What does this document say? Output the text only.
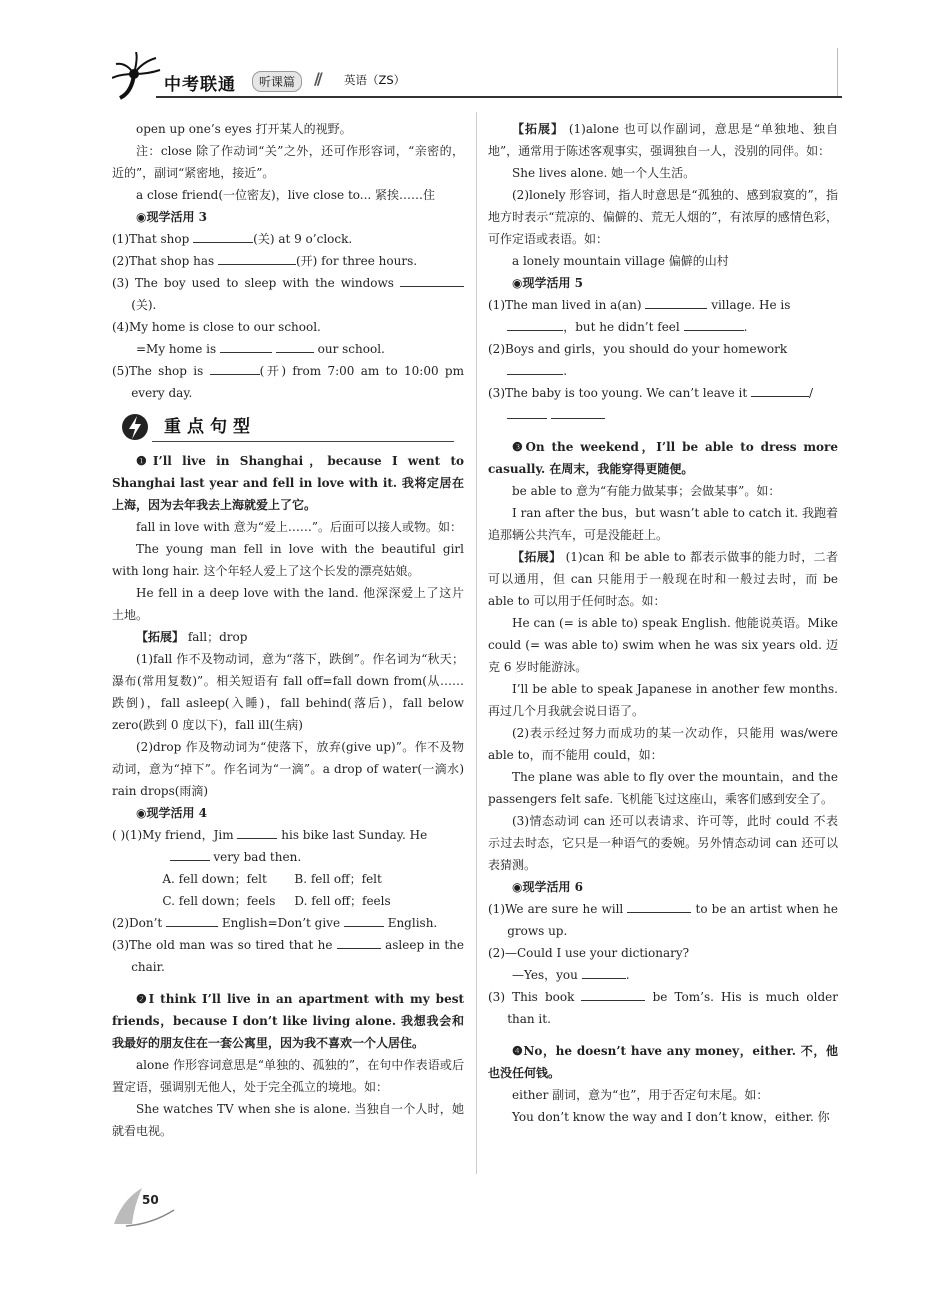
中考联通	听课篇	// 英语（ZS）

open up one’s eyes 打开某人的视野。

注：close 除了作动词“关”之外，还可作形容词，“亲密的，近的”，副词“紧密地，接近”。

a close friend(一位密友)，live close to... 紧挨……住

◉现学活用 3

(1)That shop	(关) at 9 o’clock.

(2)That shop has	(开) for three hours.

(3) The boy used to sleep with the windows (关).

(4)My home is close to our school.

=My home is	our school.

(5)The shop is	(开) from 7:00 am to 10:00 pm every day.

重点句型

❶I’ll live in Shanghai，because I went to Shanghai last year and fell in love with it. 我将定居在上海，因为去年我去上海就爱上了它。

fall in love with 意为“爱上……”。后面可以接人或物。如：

The young man fell in love with the beautiful girl with long hair. 这个年轻人爱上了这个长发的漂亮姑娘。

He fell in a deep love with the land. 他深深爱上了这片土地。

【拓展】 fall；drop

(1)fall 作不及物动词，意为“落下，跌倒”。作名词为“秋天；瀑布(常用复数)”。相关短语有 fall off=fall down from(从……跌倒)，fall asleep(入睡)，fall behind(落后)，fall below zero(跌到 0 度以下)，fall ill(生病)

(2)drop 作及物动词为“使落下，放弃(give up)”。作不及物动词，意为“掉下”。作名词为“一滴”。a drop of water(一滴水) rain drops(雨滴)

◉现学活用 4

( )(1)My friend，Jim	his bike last Sunday. He
very bad then.

A. fell down；felt	B. fell off；felt
C. fell down；feels	D. fell off；feels

(2)Don’t	English=Don’t give	English.

(3)The old man was so tired that he	asleep in the chair.

❷I think I’ll live in an apartment with my best friends，because I don’t like living alone. 我想我会和我最好的朋友住在一套公寓里，因为我不喜欢一个人居住。

alone 作形容词意思是“单独的、孤独的”，在句中作表语或后置定语，强调别无他人，处于完全孤立的境地。如：

She watches TV when she is alone. 当独自一个人时，她就看电视。

【拓展】 (1)alone 也可以作副词，意思是“单独地、独自地”，通常用于陈述客观事实，强调独自一人，没别的同伴。如：

She lives alone. 她一个人生活。

(2)lonely 形容词，指人时意思是“孤独的、感到寂寞的”，指地方时表示“荒凉的、偏僻的、荒无人烟的”，有浓厚的感情色彩，可作定语或表语。如：

a lonely mountain village 偏僻的山村

◉现学活用 5

(1)The man lived in a(an)	village. He is
，but he didn’t feel	.

(2)Boys and girls，you should do your homework
.

(3)The baby is too young. We can’t leave it	/

❸On the weekend，I’ll be able to dress more casually. 在周末，我能穿得更随便。

be able to 意为“有能力做某事；会做某事”。如：

I ran after the bus，but wasn’t able to catch it. 我跑着追那辆公共汽车，可是没能赶上。

【拓展】 (1)can 和 be able to 都表示做事的能力时，二者可以通用，但 can 只能用于一般现在时和一般过去时，而 be able to 可以用于任何时态。如：

He can (= is able to) speak English. 他能说英语。Mike could (= was able to) swim when he was six years old. 迈克 6 岁时能游泳。

I’ll be able to speak Japanese in another few months. 再过几个月我就会说日语了。

(2)表示经过努力而成功的某一次动作，只能用 was/were able to，而不能用 could，如：

The plane was able to fly over the mountain，and the passengers felt safe. 飞机能飞过这座山，乘客们感到安全了。

(3)情态动词 can 还可以表请求、许可等，此时 could 不表示过去时态，它只是一种语气的委婉。另外情态动词 can 还可以表猜测。

◉现学活用 6

(1)We are sure he will	to be an artist when he grows up.

(2)—Could I use your dictionary?

—Yes，you	.

(3) This book	be Tom’s. His is much older than it.

❹No，he doesn’t have any money，either. 不，他也没任何钱。

either 副词，意为“也”，用于否定句末尾。如：

You don’t know the way and I don’t know，either. 你

50
